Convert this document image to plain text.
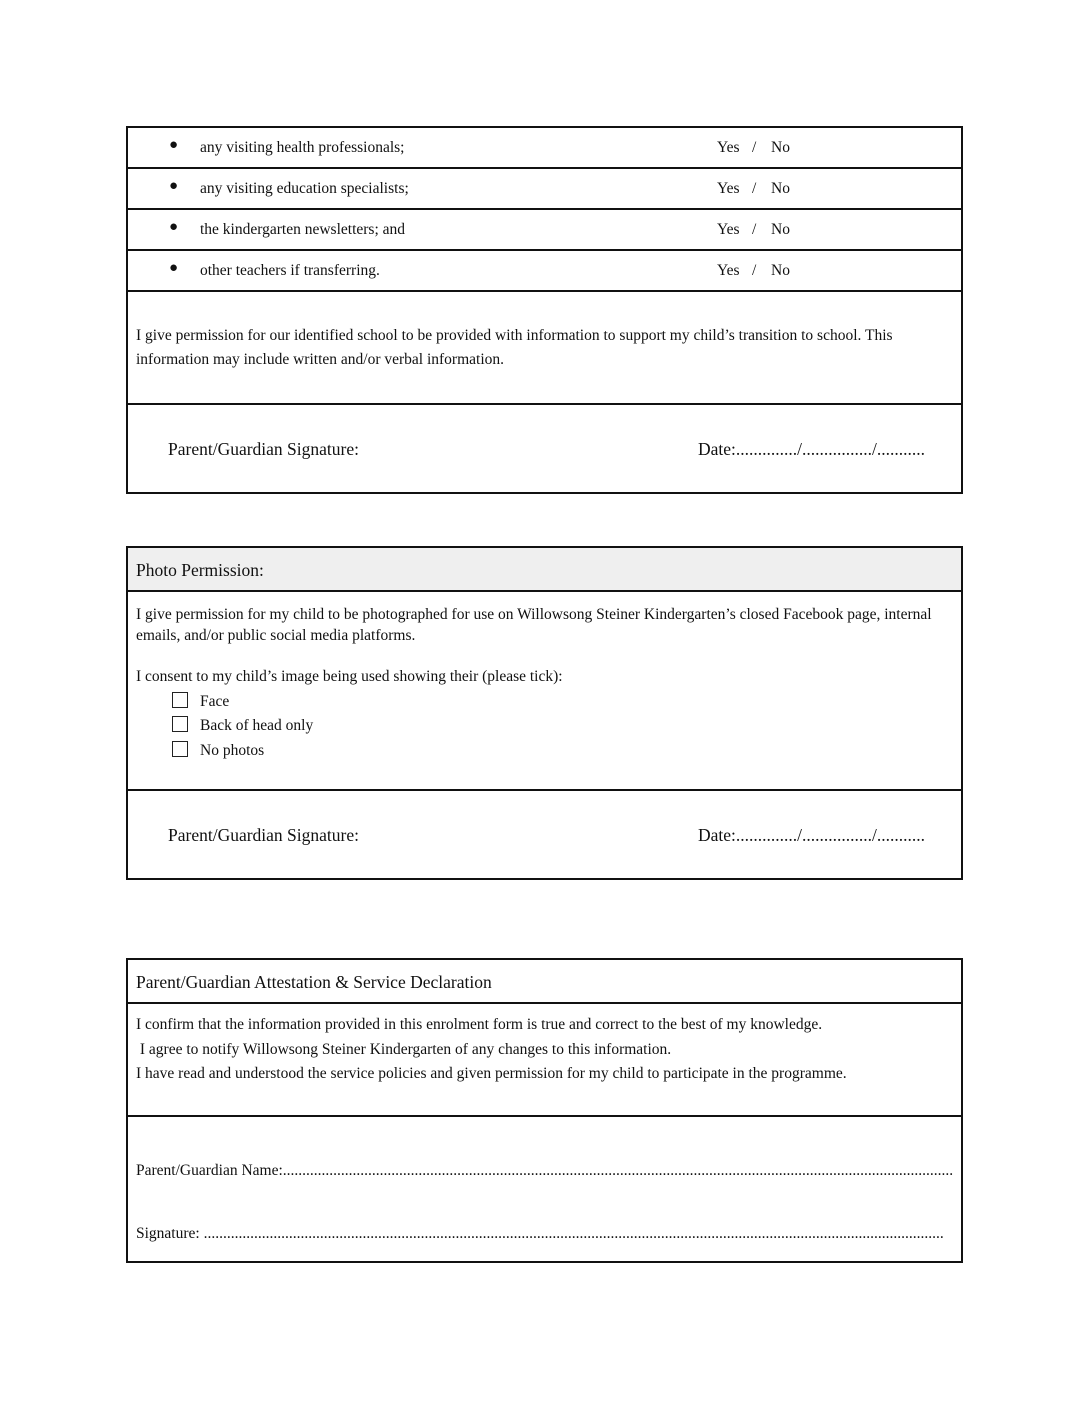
● any visiting health professionals;	Yes / No
● any visiting education specialists;	Yes / No
● the kindergarten newsletters; and	Yes / No
● other teachers if transferring.	Yes / No
I give permission for our identified school to be provided with information to support my child’s transition to school. This information may include written and/or verbal information.
Parent/Guardian Signature:	Date:............../................/...........
Photo Permission:
I give permission for my child to be photographed for use on Willowsong Steiner Kindergarten’s closed Facebook page, internal emails, and/or public social media platforms.
I consent to my child’s image being used showing their (please tick):
Face
Back of head only
No photos
Parent/Guardian Signature:	Date:............../................/...........
Parent/Guardian Attestation & Service Declaration
I confirm that the information provided in this enrolment form is true and correct to the best of my knowledge.
I agree to notify Willowsong Steiner Kindergarten of any changes to this information.
I have read and understood the service policies and given permission for my child to participate in the programme.
Parent/Guardian Name:.............................................................................................................................................................................
Signature: ...............................................................................................................................................................................................
